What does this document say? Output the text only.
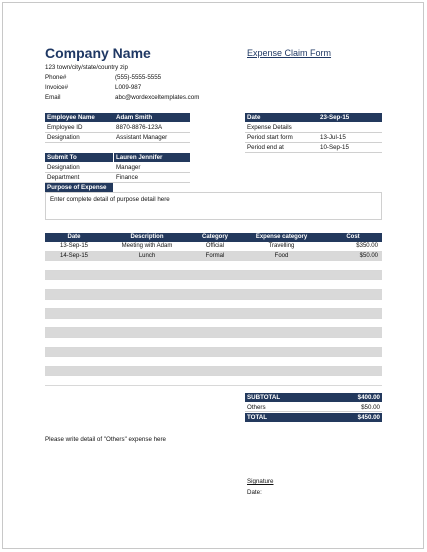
Company Name	Expense Claim Form
123 town/city/state/country zip
Phone#	(555)-5555-5555
Invoice#	L009-987
Email	abc@wordexceltemplates.com
Employee Name	Adam Smith
Employee ID	8870-8876-123A
Designation	Assistant Manager
Date	23-Sep-15
Expense Details
Period start form	13-Jul-15
Period end at	10-Sep-15
Submit To	Lauren Jennifer
Designation	Manager
Department	Finance
Purpose of Expense
Enter complete detail of purpose detail here
Date	Description	Category	Expense category	Cost
13-Sep-15	Meeting with Adam	Official	Travelling	$350.00
14-Sep-15	Lunch	Formal	Food	$50.00
SUBTOTAL	$400.00
Others	$50.00
TOTAL	$450.00
Please write detail of "Others" expense here
Signature
Date:
